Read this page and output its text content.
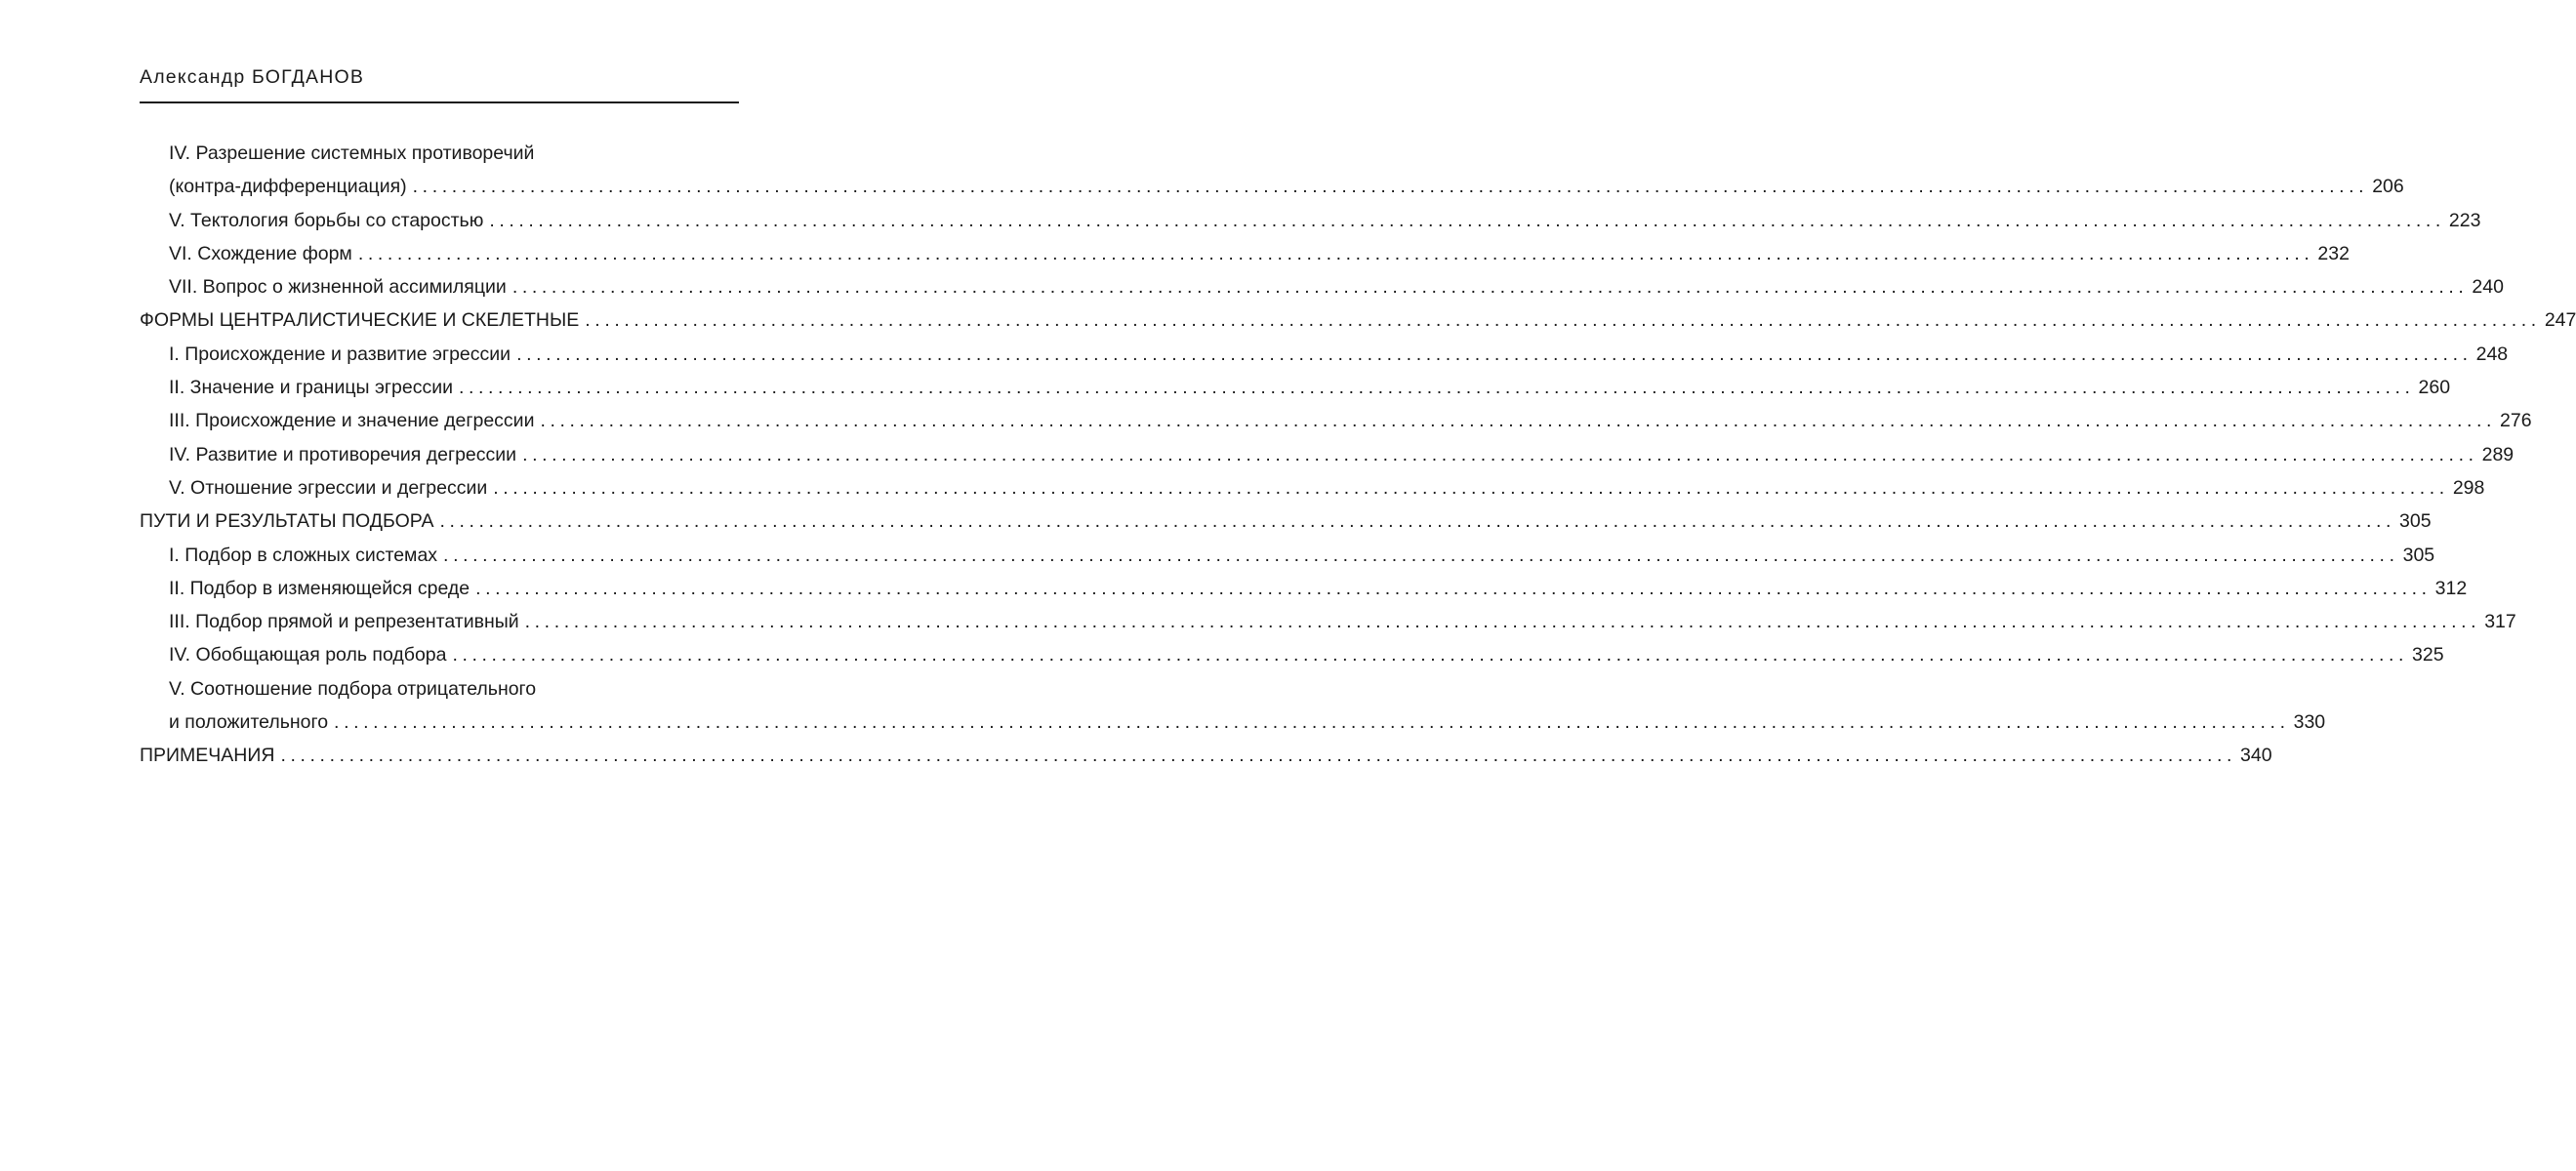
Александр БОГДАНОВ
IV. Разрешение системных противоречий
(контра-дифференциация) ........................................................................................................................................................................................................ 206
V. Тектология борьбы со старостью ........................................................................................................................................................................................................ 223
VI. Схождение форм ........................................................................................................................................................................................................ 232
VII. Вопрос о жизненной ассимиляции ........................................................................................................................................................................................................ 240
ФОРМЫ ЦЕНТРАЛИСТИЧЕСКИЕ И СКЕЛЕТНЫЕ ........................................................................................................................................................................................................ 247
I. Происхождение и развитие эгрессии ........................................................................................................................................................................................................ 248
II. Значение и границы эгрессии ........................................................................................................................................................................................................ 260
III. Происхождение и значение дегрессии ........................................................................................................................................................................................................ 276
IV. Развитие и противоречия дегрессии ........................................................................................................................................................................................................ 289
V. Отношение эгрессии и дегрессии ........................................................................................................................................................................................................ 298
ПУТИ И РЕЗУЛЬТАТЫ ПОДБОРА ........................................................................................................................................................................................................ 305
I. Подбор в сложных системах ........................................................................................................................................................................................................ 305
II. Подбор в изменяющейся среде ........................................................................................................................................................................................................ 312
III. Подбор прямой и репрезентативный ........................................................................................................................................................................................................ 317
IV. Обобщающая роль подбора ........................................................................................................................................................................................................ 325
V. Соотношение подбора отрицательного
и положительного ........................................................................................................................................................................................................ 330
ПРИМЕЧАНИЯ ........................................................................................................................................................................................................ 340
